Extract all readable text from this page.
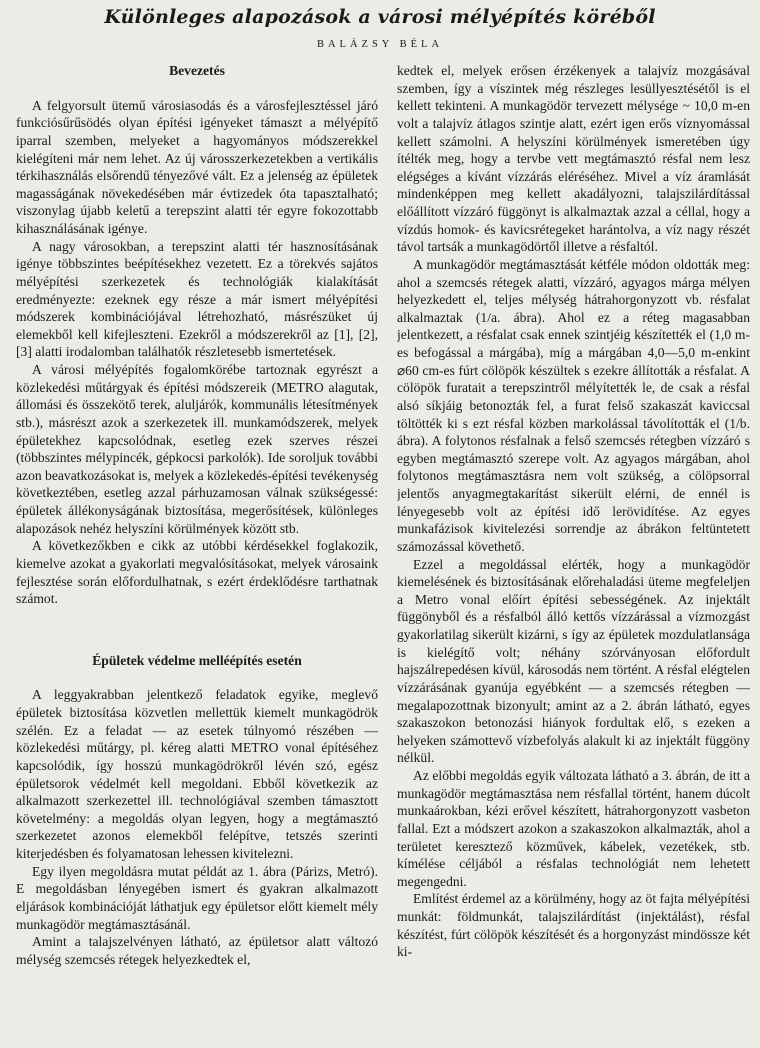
Különleges alapozások a városi mélyépítés köréből
BALÁZSY BÉLA
Bevezetés

A felgyorsult ütemű városiasodás és a városfejlesztéssel járó funkciósűrűsödés olyan építési igényeket támaszt a mélyépítő iparral szemben, melyeket a hagyományos módszerekkel kielégíteni már nem lehet. Az új városszerkezetekben a vertikális térkihasználás elsőrendű tényezővé vált. Ez a jelenség az épületek magasságának növekedésében már évtizedek óta tapasztalható; viszonylag újabb keletű a terepszint alatti tér egyre fokozottabb kihasználásának igénye.

A nagy városokban, a terepszint alatti tér hasznosításának igénye többszintes beépítésekhez vezetett. Ez a törekvés sajátos mélyépítési szerkezetek és technológiák kialakítását eredményezte: ezeknek egy része a már ismert mélyépítési módszerek kombinációjával létrehozható, másrészüket új elemekből kell kifejleszteni. Ezekről a módszerekről az [1], [2], [3] alatti irodalomban találhatók részletesebb ismertetések.

A városi mélyépítés fogalomkörébe tartoznak egyrészt a közlekedési műtárgyak és építési módszereik (METRO alagutak, állomási és összekötő terek, aluljárók, kommunális létesítmények stb.), másrészt azok a szerkezetek ill. munkamódszerek, melyek épületekhez kapcsolódnak, esetleg ezek szerves részei (többszintes mélypincék, gépkocsi parkolók). Ide soroljuk további azon beavatkozásokat is, melyek a közlekedés-építési tevékenység következtében, esetleg azzal párhuzamosan válnak szükségessé: épületek állékonyságának biztosítása, megerősítések, különleges alapozások nehéz helyszíni körülmények között stb.

A következőkben e cikk az utóbbi kérdésekkel foglakozik, kiemelve azokat a gyakorlati megvalósításokat, melyek városaink fejlesztése során előfordulhatnak, s ezért érdeklődésre tarthatnak számot.

Épületek védelme melléépítés esetén

A leggyakrabban jelentkező feladatok egyike, meglevő épületek biztosítása közvetlen mellettük kiemelt munkagödrök szélén. Ez a feladat — az esetek túlnyomó részében — közlekedési műtárgy, pl. kéreg alatti METRO vonal építéséhez kapcsolódik, így hosszú munkagödrökről lévén szó, egész épületsorok védelmét kell megoldani. Ebből következik az alkalmazott szerkezettel ill. technológiával szemben támasztott követelmény: a megoldás olyan legyen, hogy a megtámasztó szerkezetet azonos elemekből felépítve, tetszés szerinti kiterjedésben és folyamatosan lehessen kivitelezni.

Egy ilyen megoldásra mutat példát az 1. ábra (Párizs, Metró). E megoldásban lényegében ismert és gyakran alkalmazott eljárások kombinációját láthatjuk egy épületsor előtt kiemelt mély munkagödör megtámasztásánál.

Amint a talajszelvényen látható, az épületsor alatt változó mélység szemcsés rétegek helyezkedtek el,

kedtek el, melyek erősen érzékenyek a talajvíz mozgásával szemben, így a víszintek még részleges lesüllyesztésétől is el kellett tekinteni. A munkagödör tervezett mélysége ~ 10,0 m-en volt a talajvíz átlagos szintje alatt, ezért igen erős víznyomással kellett számolni. A helyszíni körülmények ismeretében úgy ítélték meg, hogy a tervbe vett megtámasztó résfal nem lesz elégséges a kívánt vízzárás eléréséhez. Mivel a víz áramlását mindenképpen meg kellett akadályozni, talajszilárdítással előállított vízzáró függönyt is alkalmaztak azzal a céllal, hogy a vízdús homok- és kavicsrétegeket harántolva, a víz nagy részét távol tartsák a munkagödörtől illetve a résfaltól.

A munkagödör megtámasztását kétféle módon oldották meg: ahol a szemcsés rétegek alatti, vízzáró, agyagos márga mélyen helyezkedett el, teljes mélység hátrahorgonyzott vb. résfalat alkalmaztak (1/a. ábra). Ahol ez a réteg magasabban jelentkezett, a résfalat csak ennek szintjéig készítették el (1,0 m-es befogással a márgába), míg a márgában 4,0—5,0 m-enkint ⌀60 cm-es fúrt cölöpök készültek s ezekre állították a résfalat. A cölöpök furatait a terepszintről mélyítették le, de csak a résfal alsó síkjáig betonozták fel, a furat felső szakaszát kaviccsal töltötték ki s ezt résfal közben markolással távolították el (1/b. ábra). A folytonos résfalnak a felső szemcsés rétegben vízzáró s egyben megtámasztó szerepe volt. Az agyagos márgában, ahol folytonos megtámasztásra nem volt szükség, a cölöpsorral jelentős anyagmegtakarítást sikerült elérni, de ennél is lényegesebb volt az építési idő lerövidítése. Az egyes munkafázisok kivitelezési sorrendje az ábrákon feltüntetett számozással követhető.

Ezzel a megoldással elérték, hogy a munkagödör kiemelésének és biztosításának előrehaladási üteme megfeleljen a Metro vonal előírt építési sebességének. Az injektált függönyből és a résfalból álló kettős vízzárással a vízmozgást gyakorlatilag sikerült kizárni, s így az épületek mozdulatlansága is kielégítő volt; néhány szórványosan előfordult hajszálrepedésen kívül, károsodás nem történt. A résfal elégtelen vízzárásának gyanúja egyébként — a szemcsés rétegben — megalapozottnak bizonyult; amint az a 2. ábrán látható, egyes szakaszokon betonozási hiányok fordultak elő, s ezeken a helyeken számottevő vízbefolyás alakult ki az injektált függöny nélkül.

Az előbbi megoldás egyik változata látható a 3. ábrán, de itt a munkagödör megtámasztása nem résfallal történt, hanem dúcolt munkaárokban, kézi erővel készített, hátrahorgonyzott vasbeton fallal. Ezt a módszert azokon a szakaszokon alkalmazták, ahol a területet keresztező közművek, kábelek, vezetékek, stb. kímélése céljából a résfalas technológiát nem lehetett megengedni.

Említést érdemel az a körülmény, hogy az öt fajta mélyépítési munkát: földmunkát, talajszilárdítást (injektálást), résfal készítést, fúrt cölöpök készítését és a horgonyzást mindössze két ki-
